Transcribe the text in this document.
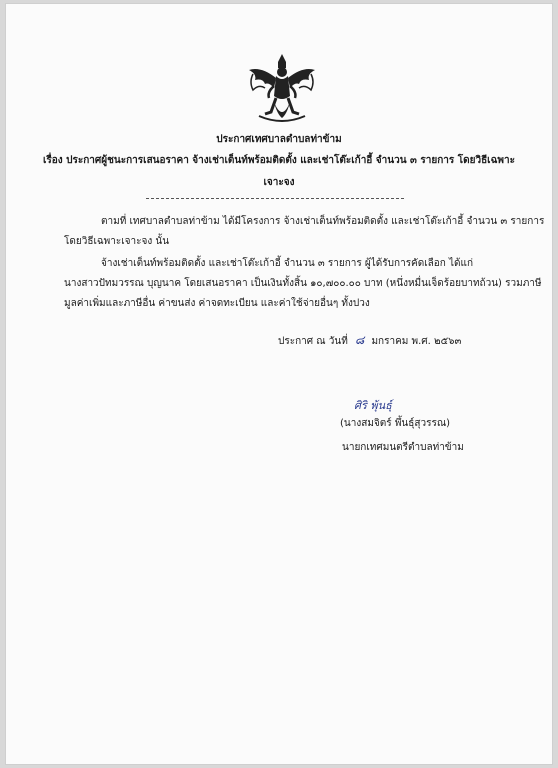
ประกาศเทศบาลตำบลท่าข้าม
เรื่อง ประกาศผู้ชนะการเสนอราคา จ้างเช่าเต็นท์พร้อมติดตั้ง และเช่าโต๊ะเก้าอี้ จำนวน ๓ รายการ โดยวิธีเฉพาะ
เจาะจง
ตามที่ เทศบาลตำบลท่าข้าม ได้มีโครงการ จ้างเช่าเต็นท์พร้อมติดตั้ง และเช่าโต๊ะเก้าอี้ จำนวน ๓ รายการ
โดยวิธีเฉพาะเจาะจง นั้น
จ้างเช่าเต็นท์พร้อมติดตั้ง และเช่าโต๊ะเก้าอี้ จำนวน ๓ รายการ ผู้ได้รับการคัดเลือก ได้แก่
นางสาวปัทมวรรณ บุญนาค โดยเสนอราคา เป็นเงินทั้งสิ้น ๑๐,๗๐๐.๐๐ บาท (หนึ่งหมื่นเจ็ดร้อยบาทถ้วน) รวมภาษี
มูลค่าเพิ่มและภาษีอื่น ค่าขนส่ง ค่าจดทะเบียน และค่าใช้จ่ายอื่นๆ ทั้งปวง
ประกาศ ณ วันที่ ๘ มกราคม พ.ศ. ๒๕๖๓
ศิริ พุ้นธุ์
(นางสมจิตร์ พึ้นธุ์สุวรรณ)
นายกเทศมนตรีตำบลท่าข้าม
